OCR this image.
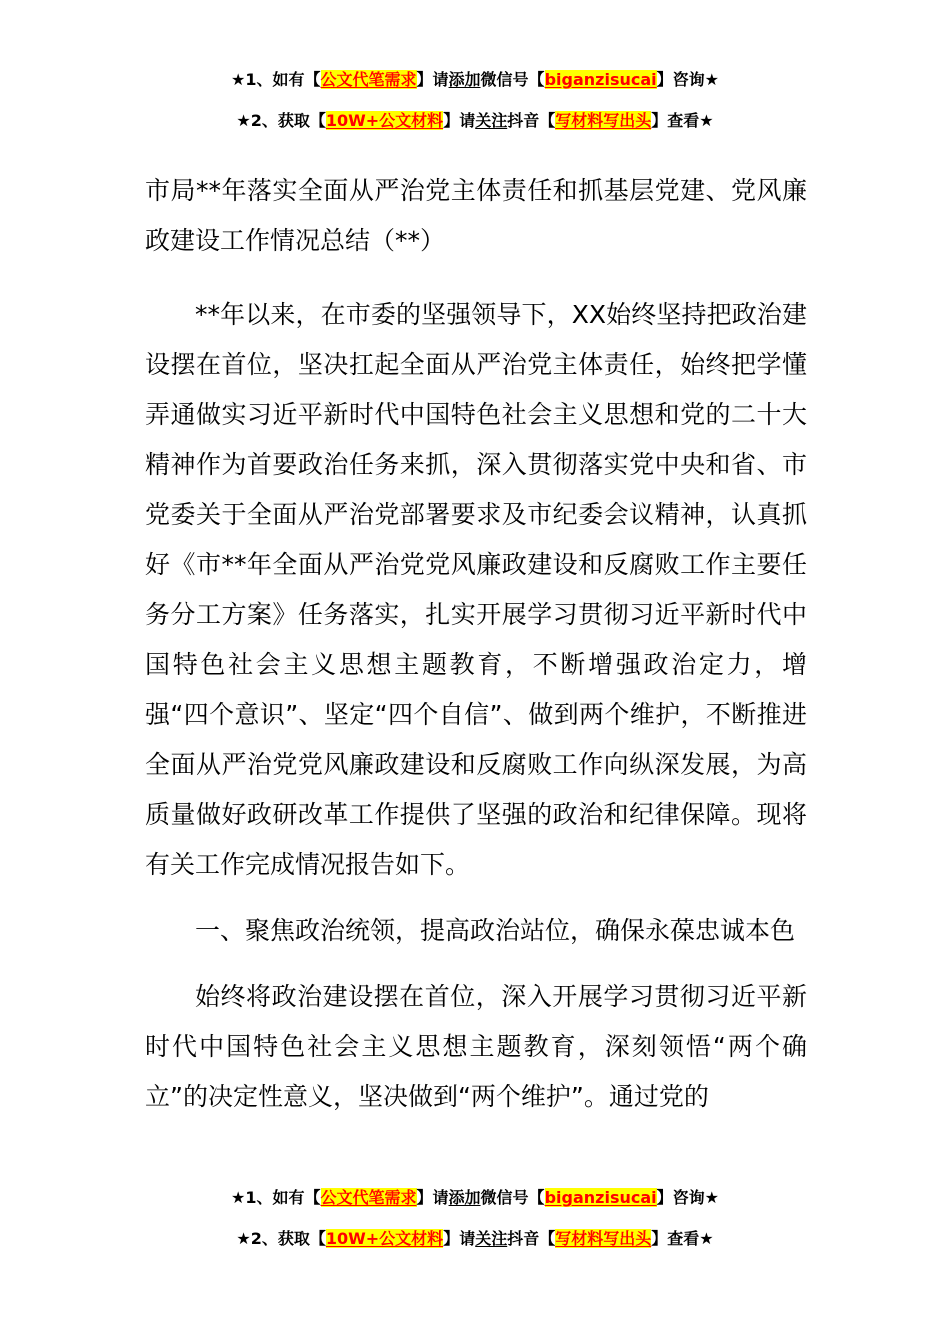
★1、如有【公文代笔需求】请添加微信号【biganzisucai】咨询★
★2、获取【10W+公文材料】请关注抖音【写材料写出头】查看★

市局**年落实全面从严治党主体责任和抓基层党建、党风廉政建设工作情况总结（**）

**年以来，在市委的坚强领导下，XX始终坚持把政治建设摆在首位，坚决扛起全面从严治党主体责任，始终把学懂弄通做实习近平新时代中国特色社会主义思想和党的二十大精神作为首要政治任务来抓，深入贯彻落实党中央和省、市党委关于全面从严治党部署要求及市纪委会议精神，认真抓好《市**年全面从严治党党风廉政建设和反腐败工作主要任务分工方案》任务落实，扎实开展学习贯彻习近平新时代中国特色社会主义思想主题教育，不断增强政治定力，增强“四个意识”、坚定“四个自信”、做到两个维护，不断推进全面从严治党党风廉政建设和反腐败工作向纵深发展，为高质量做好政研改革工作提供了坚强的政治和纪律保障。现将有关工作完成情况报告如下。

一、聚焦政治统领，提高政治站位，确保永葆忠诚本色

始终将政治建设摆在首位，深入开展学习贯彻习近平新时代中国特色社会主义思想主题教育，深刻领悟“两个确立”的决定性意义，坚决做到“两个维护”。通过党的

★1、如有【公文代笔需求】请添加微信号【biganzisucai】咨询★
★2、获取【10W+公文材料】请关注抖音【写材料写出头】查看★
